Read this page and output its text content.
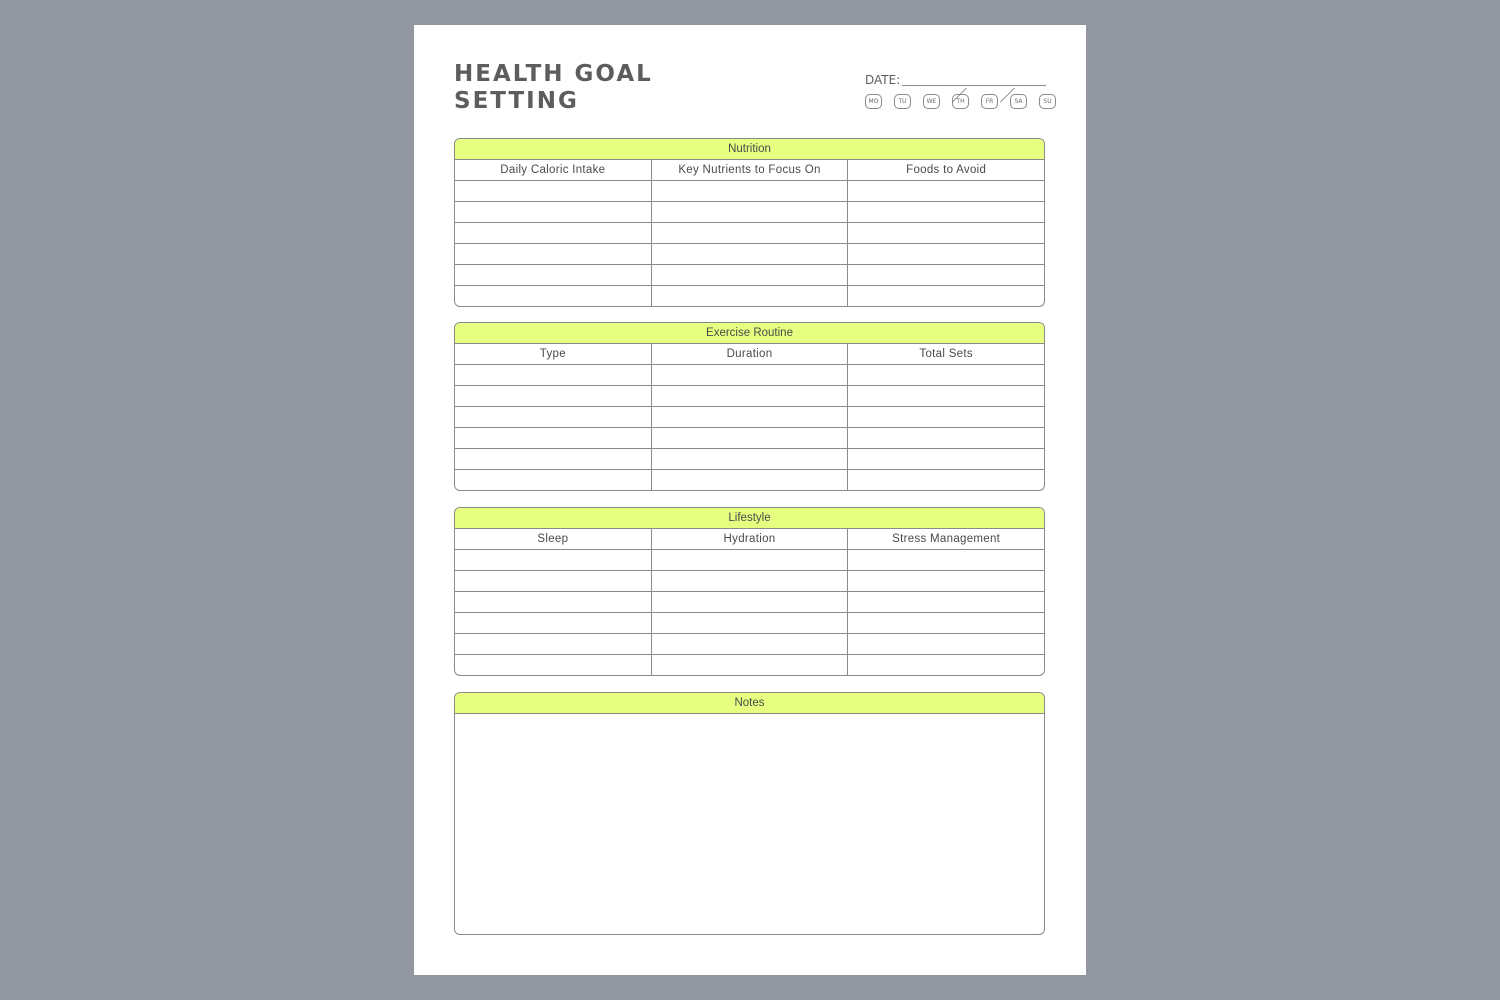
HEALTH GOAL
SETTING
DATE:
MO	TU	WE	TH	FR	SA	SU
Nutrition
Daily Caloric Intake	Key Nutrients to Focus On	Foods to Avoid
Exercise Routine
Type	Duration	Total Sets
Lifestyle
Sleep	Hydration	Stress Management
Notes
